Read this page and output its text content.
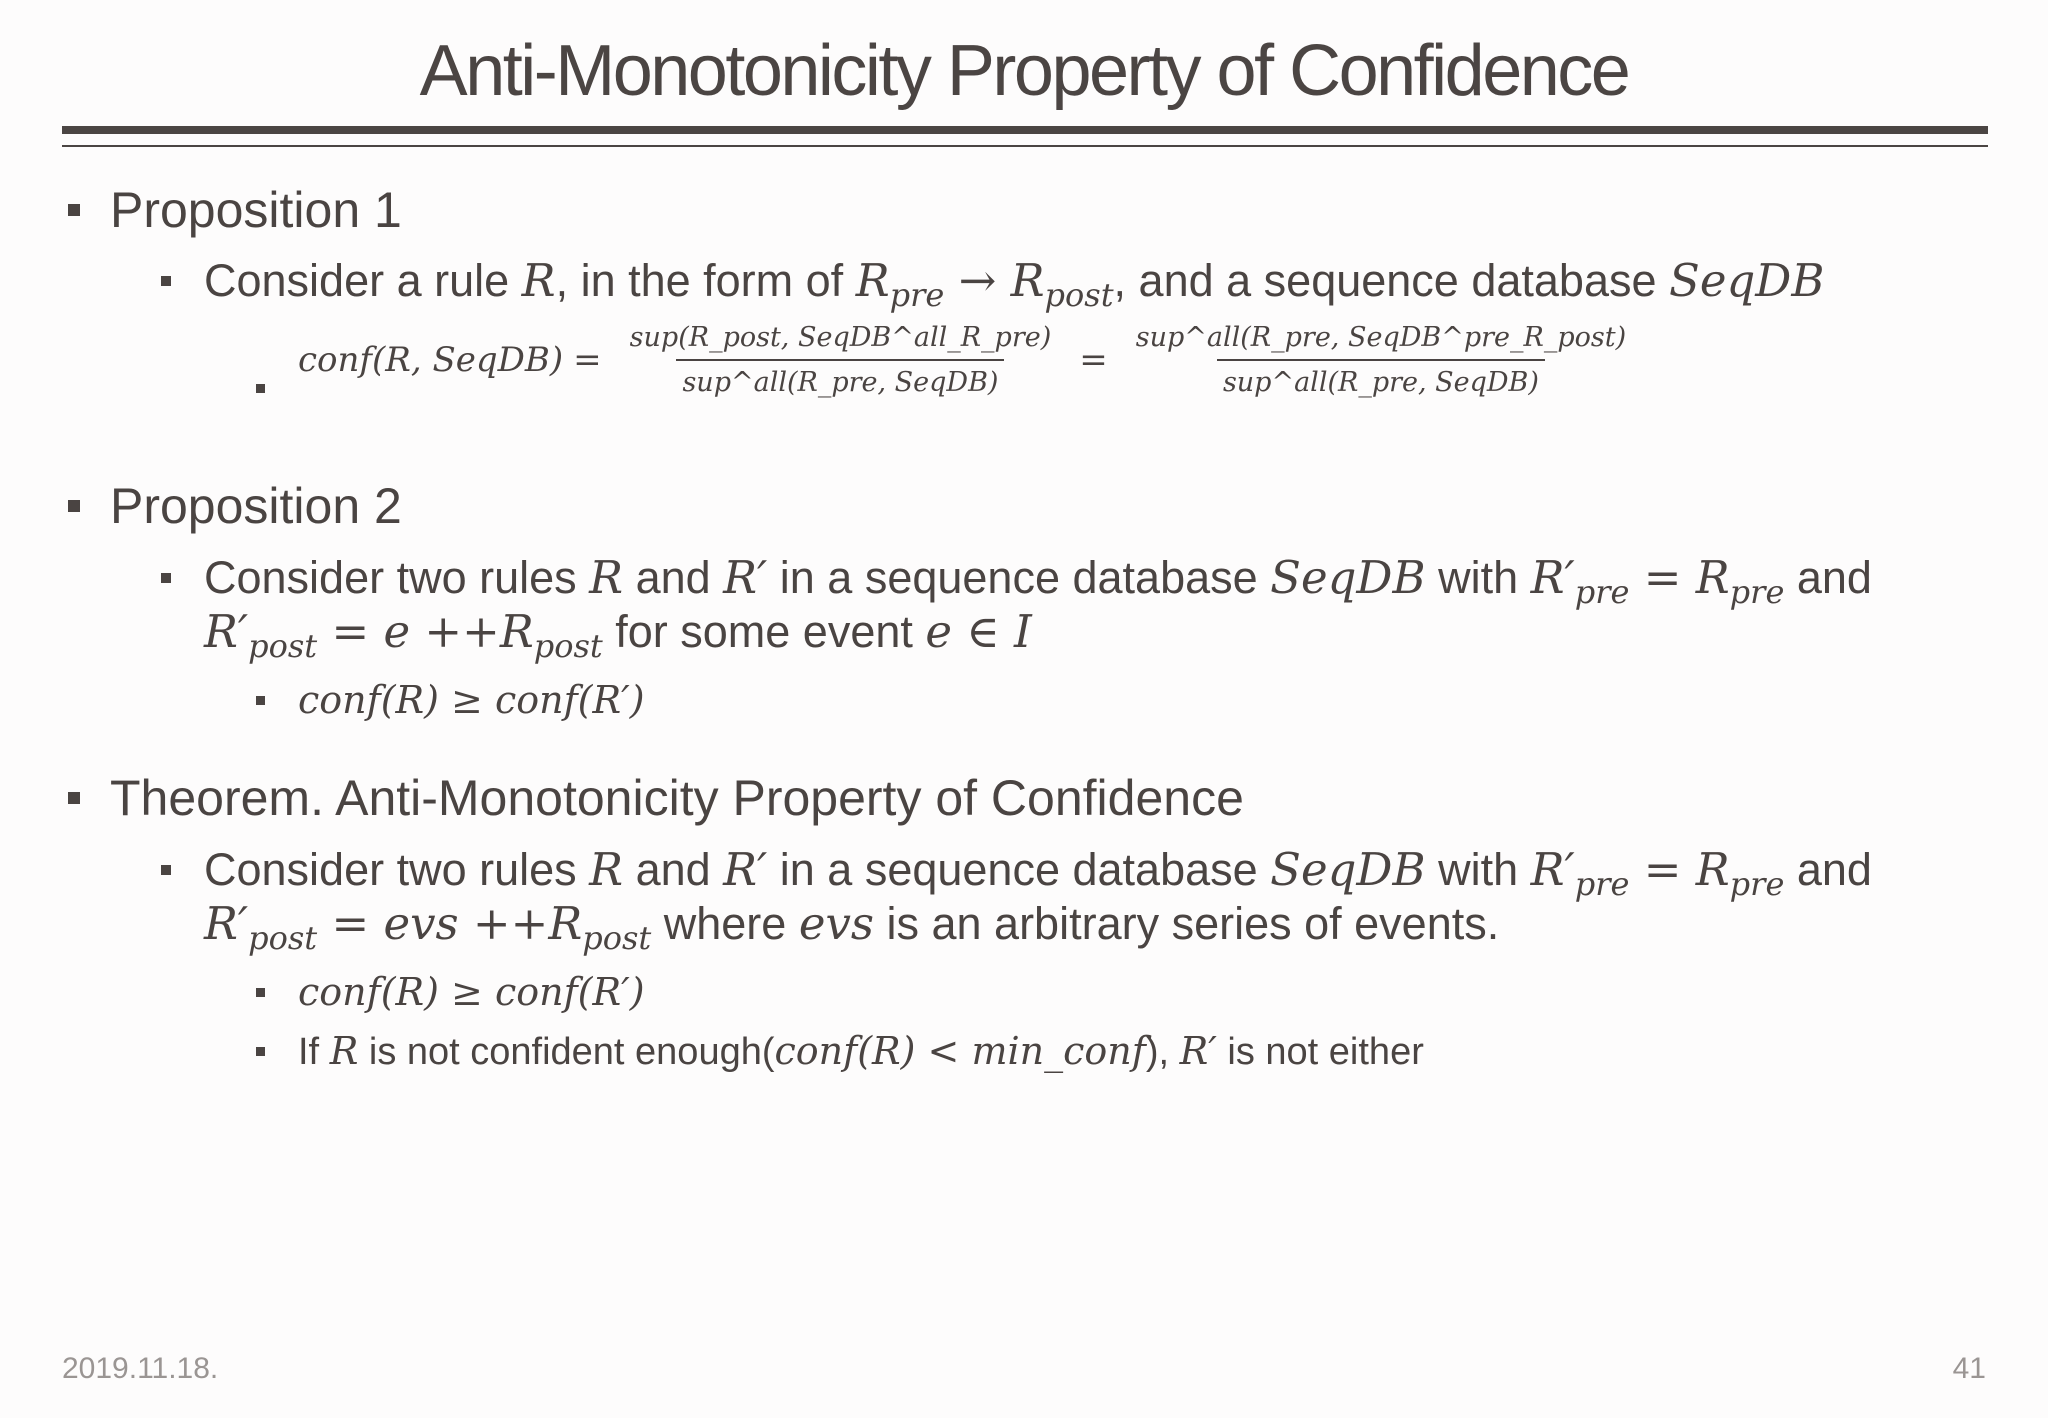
Anti-Monotonicity Property of Confidence
Proposition 1
Consider a rule R, in the form of $R_{pre} \to R_{post}$, and a sequence database SeqDB
conf(R, SeqDB) = $\frac{\text{sup(R\_post, SeqDB\textasciicircum{}all\_R\_pre)}}{\text{sup\textasciicircum{}all(R\_pre, SeqDB)}} = \frac{\text{sup\textasciicircum{}all(R\_pre, SeqDB\textasciicircum{}pre\_R\_post)}}{\text{sup\textasciicircum{}all(R\_pre, SeqDB)}}$
Proposition 2
Consider two rules R and R′ in a sequence database SeqDB with $R'_{pre} = R_{pre}$ and
$R'_{post} = e ++R_{post}$ for some event e ∈ I
conf(R) ≥ conf(R′)
Theorem. Anti-Monotonicity Property of Confidence
Consider two rules R and R′ in a sequence database SeqDB with $R'_{pre} = R_{pre}$ and
$R'_{post}$ = evs $++R_{post}$ where evs is an arbitrary series of events.
conf(R) ≥ conf(R′)
If R is not confident enough(conf(R) < min_conf), R′ is not either
2019.11.18.	41
